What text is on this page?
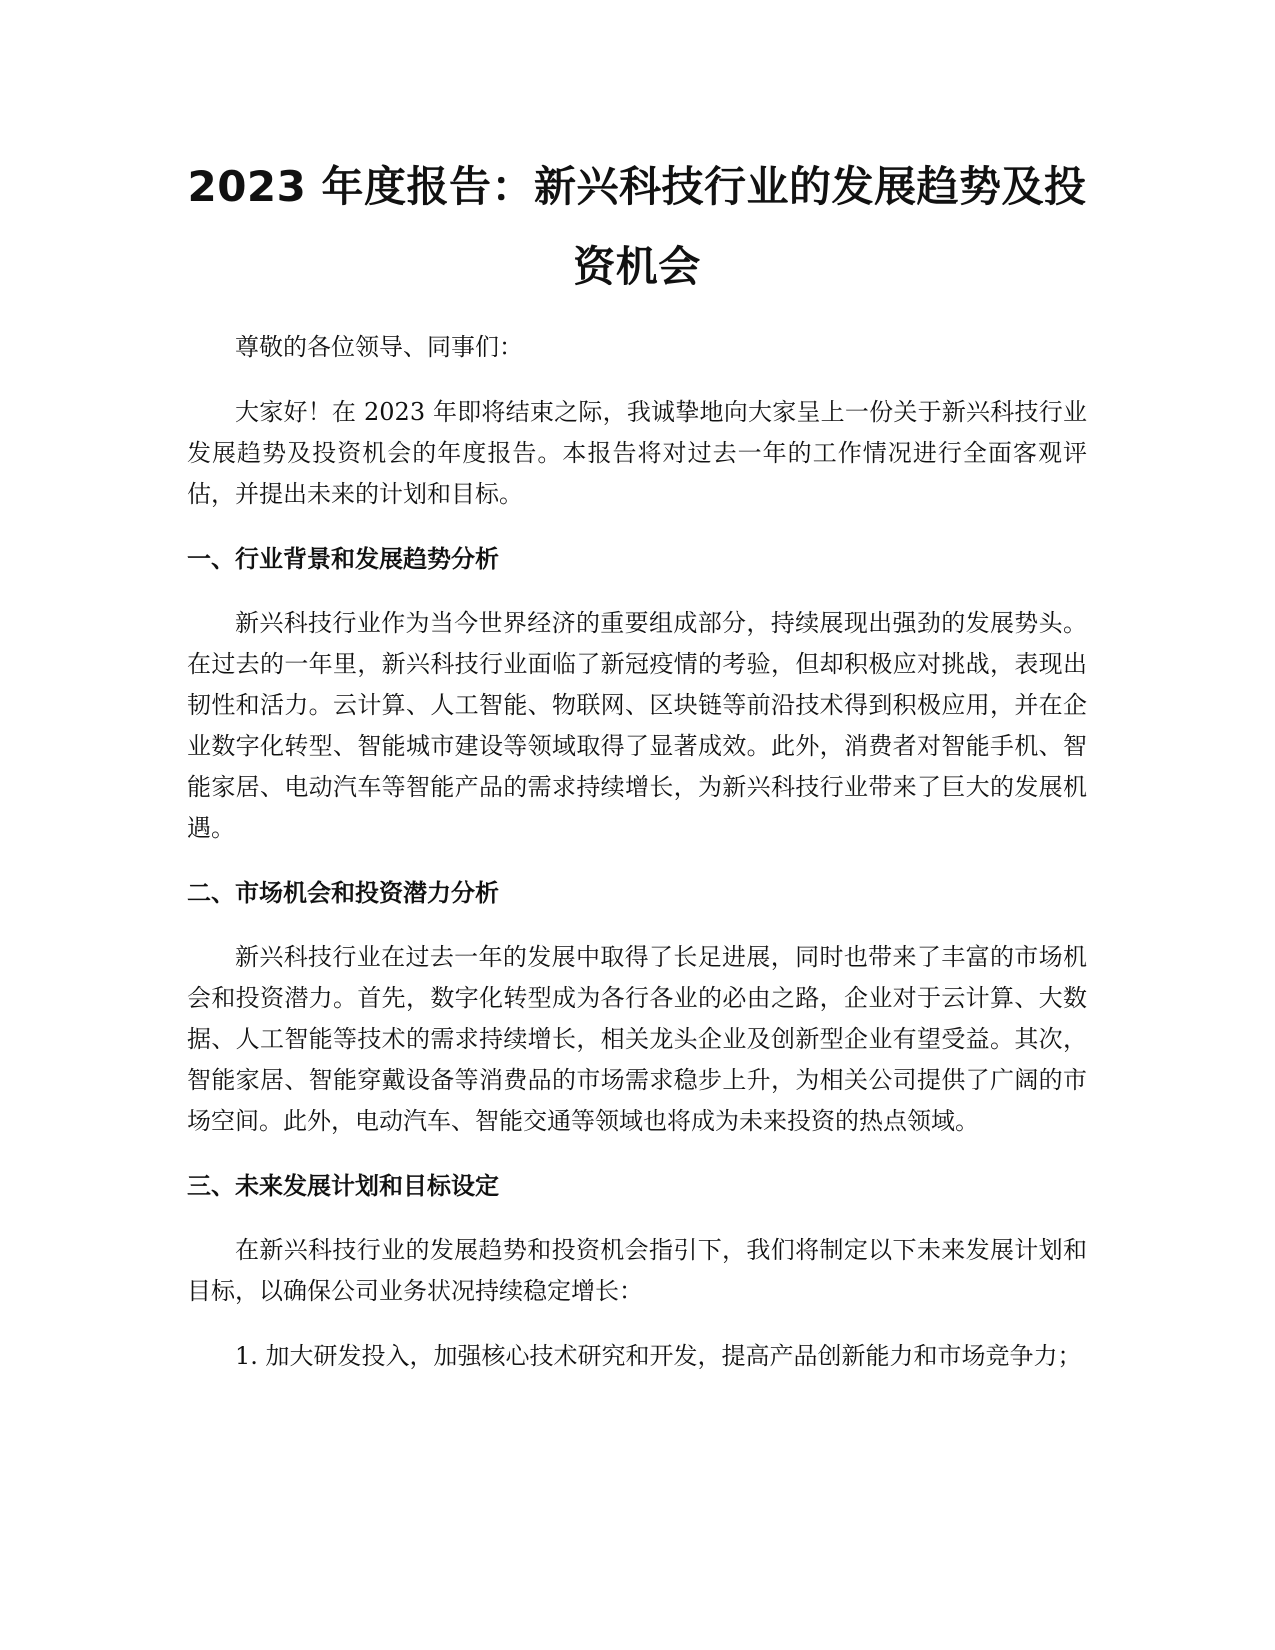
2023 年度报告：新兴科技行业的发展趋势及投资机会

尊敬的各位领导、同事们：

大家好！在 2023 年即将结束之际，我诚挚地向大家呈上一份关于新兴科技行业发展趋势及投资机会的年度报告。本报告将对过去一年的工作情况进行全面客观评估，并提出未来的计划和目标。

一、行业背景和发展趋势分析

新兴科技行业作为当今世界经济的重要组成部分，持续展现出强劲的发展势头。在过去的一年里，新兴科技行业面临了新冠疫情的考验，但却积极应对挑战，表现出韧性和活力。云计算、人工智能、物联网、区块链等前沿技术得到积极应用，并在企业数字化转型、智能城市建设等领域取得了显著成效。此外，消费者对智能手机、智能家居、电动汽车等智能产品的需求持续增长，为新兴科技行业带来了巨大的发展机遇。

二、市场机会和投资潜力分析

新兴科技行业在过去一年的发展中取得了长足进展，同时也带来了丰富的市场机会和投资潜力。首先，数字化转型成为各行各业的必由之路，企业对于云计算、大数据、人工智能等技术的需求持续增长，相关龙头企业及创新型企业有望受益。其次，智能家居、智能穿戴设备等消费品的市场需求稳步上升，为相关公司提供了广阔的市场空间。此外，电动汽车、智能交通等领域也将成为未来投资的热点领域。

三、未来发展计划和目标设定

在新兴科技行业的发展趋势和投资机会指引下，我们将制定以下未来发展计划和目标，以确保公司业务状况持续稳定增长：

1. 加大研发投入，加强核心技术研究和开发，提高产品创新能力和市场竞争力；
